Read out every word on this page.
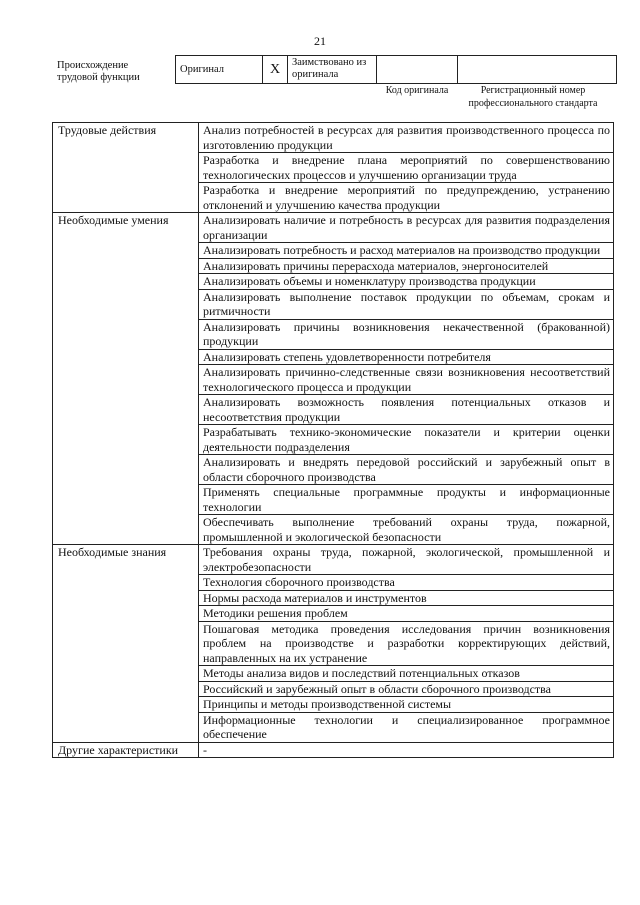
21
Происхождение трудовой функции
Оригинал	X	Заимствовано из оригинала		
Код оригинала	Регистрационный номер профессионального стандарта
Трудовые действия	Анализ потребностей в ресурсах для развития производственного процесса по изготовлению продукции
	Разработка и внедрение плана мероприятий по совершенствованию технологических процессов и улучшению организации труда
	Разработка и внедрение мероприятий по предупреждению, устранению отклонений и улучшению качества продукции
Необходимые умения	Анализировать наличие и потребность в ресурсах для развития подразделения организации
	Анализировать потребность и расход материалов на производство продукции
	Анализировать причины перерасхода материалов, энергоносителей
	Анализировать объемы и номенклатуру производства продукции
	Анализировать выполнение поставок продукции по объемам, срокам и ритмичности
	Анализировать причины возникновения некачественной (бракованной) продукции
	Анализировать степень удовлетворенности потребителя
	Анализировать причинно-следственные связи возникновения несоответствий технологического процесса и продукции
	Анализировать возможность появления потенциальных отказов и несоответствия продукции
	Разрабатывать технико-экономические показатели и критерии оценки деятельности подразделения
	Анализировать и внедрять передовой российский и зарубежный опыт в области сборочного производства
	Применять специальные программные продукты и информационные технологии
	Обеспечивать выполнение требований охраны труда, пожарной, промышленной и экологической безопасности
Необходимые знания	Требования охраны труда, пожарной, экологической, промышленной и электробезопасности
	Технология сборочного производства
	Нормы расхода материалов и инструментов
	Методики решения проблем
	Пошаговая методика проведения исследования причин возникновения проблем на производстве и разработки корректирующих действий, направленных на их устранение
	Методы анализа видов и последствий потенциальных отказов
	Российский и зарубежный опыт в области сборочного производства
	Принципы и методы производственной системы
	Информационные технологии и специализированное программное обеспечение
Другие характеристики	-
